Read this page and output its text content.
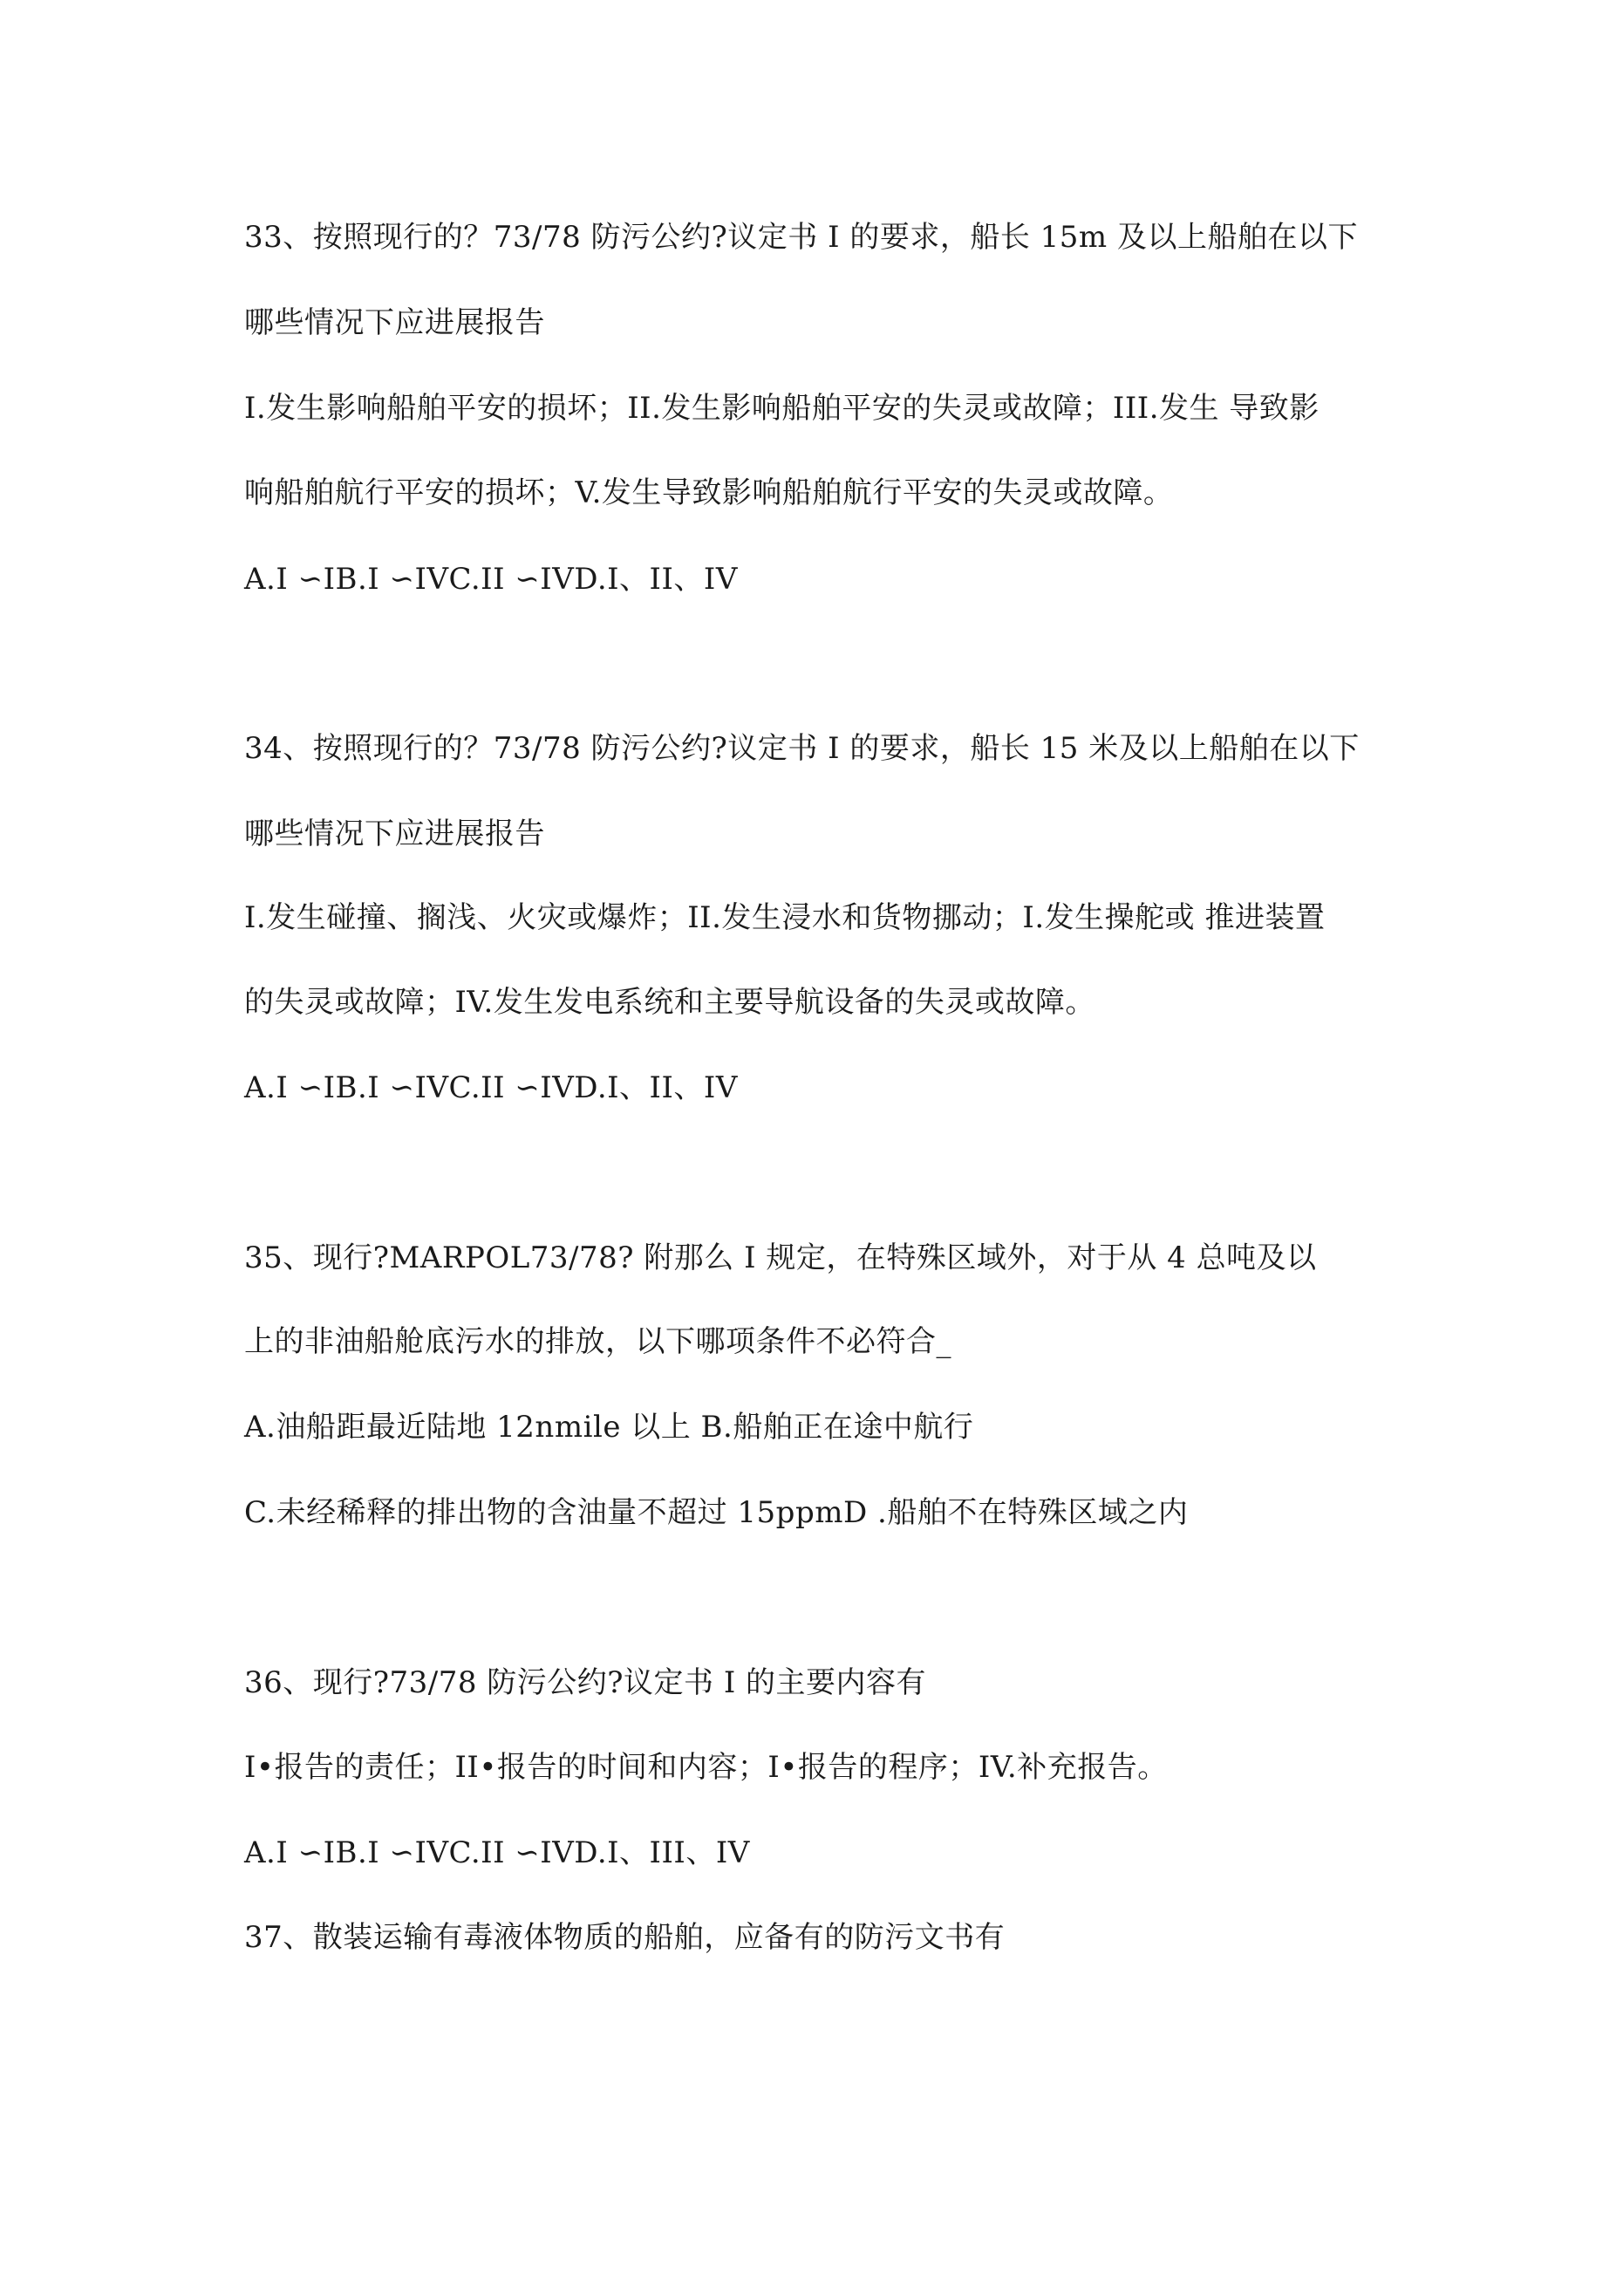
33、按照现行的？73/78 防污公约?议定书 I 的要求，船长 15m 及以上船舶在以下
哪些情况下应进展报告
I.发生影响船舶平安的损坏；II.发生影响船舶平安的失灵或故障；III.发生 导致影
响船舶航行平安的损坏；V.发生导致影响船舶航行平安的失灵或故障。
A.I ∽IB.I ∽IVC.II ∽IVD.I、II、IV
34、按照现行的？73/78 防污公约?议定书 I 的要求，船长 15 米及以上船舶在以下
哪些情况下应进展报告
I.发生碰撞、搁浅、火灾或爆炸；II.发生浸水和货物挪动；I.发生操舵或 推进装置
的失灵或故障；IV.发生发电系统和主要导航设备的失灵或故障。
A.I ∽IB.I ∽IVC.II ∽IVD.I、II、IV
35、现行?MARPOL73/78? 附那么 I 规定，在特殊区域外，对于从 4 总吨及以
上的非油船舱底污水的排放，以下哪项条件不必符合_
A.油船距最近陆地 12nmile 以上 B.船舶正在途中航行
C.未经稀释的排出物的含油量不超过 15ppmD .船舶不在特殊区域之内
36、现行?73/78 防污公约?议定书 I 的主要内容有
I•报告的责任；II•报告的时间和内容；I•报告的程序；IV.补充报告。
A.I ∽IB.I ∽IVC.II ∽IVD.I、III、IV
37、散装运输有毒液体物质的船舶，应备有的防污文书有
